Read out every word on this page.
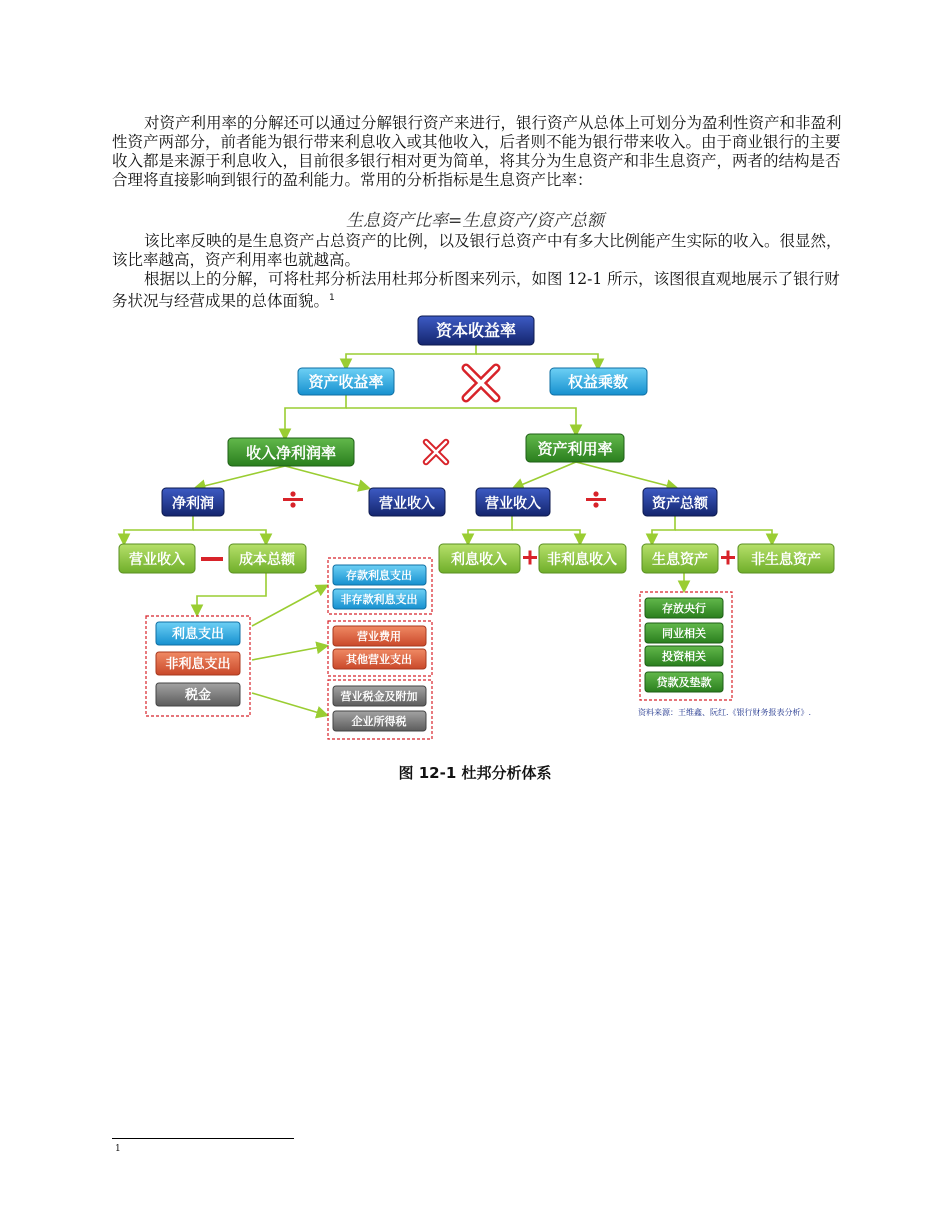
对资产利用率的分解还可以通过分解银行资产来进行，银行资产从总体上可划分为盈利性资产和非盈利性资产两部分，前者能为银行带来利息收入或其他收入，后者则不能为银行带来收入。由于商业银行的主要收入都是来源于利息收入，目前很多银行相对更为简单，将其分为生息资产和非生息资产，两者的结构是否合理将直接影响到银行的盈利能力。常用的分析指标是生息资产比率：

生息资产比率=生息资产/资产总额

该比率反映的是生息资产占总资产的比例，以及银行总资产中有多大比例能产生实际的收入。很显然，该比率越高，资产利用率也就越高。

根据以上的分解，可将杜邦分析法用杜邦分析图来列示，如图 12-1 所示，该图很直观地展示了银行财务状况与经营成果的总体面貌。$^1$

资本收益率
资产收益率	权益乘数
收入净利润率	资产利用率
净利润	营业收入	营业收入	资产总额
营业收入	成本总额	利息收入	非利息收入	生息资产	非生息资产
存款利息支出
非存款利息支出
利息支出
非利息支出
税金
营业费用
其他营业支出
营业税金及附加
企业所得税
存放央行
同业相关
投资相关
贷款及垫款
资料来源：王维鑫、阮红.《银行财务报表分析》.
图 12-1 杜邦分析体系
1
